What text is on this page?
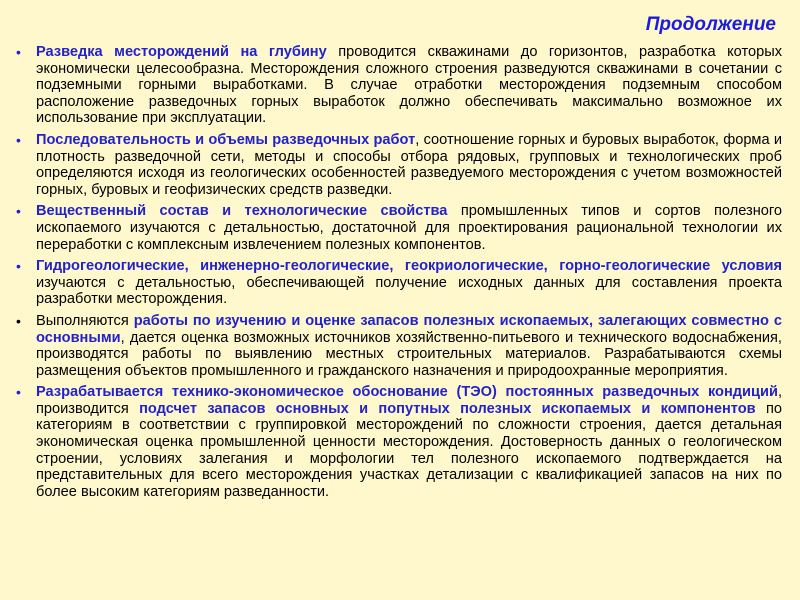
Продолжение
• Разведка месторождений на глубину проводится скважинами до горизонтов, разработка которых экономически целесообразна. Месторождения сложного строения разведуются скважинами в сочетании с подземными горными выработками. В случае отработки месторождения подземным способом расположение разведочных горных выработок должно обеспечивать максимально возможное их использование при эксплуатации.
• Последовательность и объемы разведочных работ, соотношение горных и буровых выработок, форма и плотность разведочной сети, методы и способы отбора рядовых, групповых и технологических проб определяются исходя из геологических особенностей разведуемого месторождения с учетом возможностей горных, буровых и геофизических средств разведки.
• Вещественный состав и технологические свойства промышленных типов и сортов полезного ископаемого изучаются с детальностью, достаточной для проектирования рациональной технологии их переработки с комплексным извлечением полезных компонентов.
• Гидрогеологические, инженерно-геологические, геокриологические, горно-геологические условия изучаются с детальностью, обеспечивающей получение исходных данных для составления проекта разработки месторождения.
• Выполняются работы по изучению и оценке запасов полезных ископаемых, залегающих совместно с основными, дается оценка возможных источников хозяйственно-питьевого и технического водоснабжения, производятся работы по выявлению местных строительных материалов. Разрабатываются схемы размещения объектов промышленного и гражданского назначения и природоохранные мероприятия.
• Разрабатывается технико-экономическое обоснование (ТЭО) постоянных разведочных кондиций, производится подсчет запасов основных и попутных полезных ископаемых и компонентов по категориям в соответствии с группировкой месторождений по сложности строения, дается детальная экономическая оценка промышленной ценности месторождения. Достоверность данных о геологическом строении, условиях залегания и морфологии тел полезного ископаемого подтверждается на представительных для всего месторождения участках детализации с квалификацией запасов на них по более высоким категориям разведанности.
